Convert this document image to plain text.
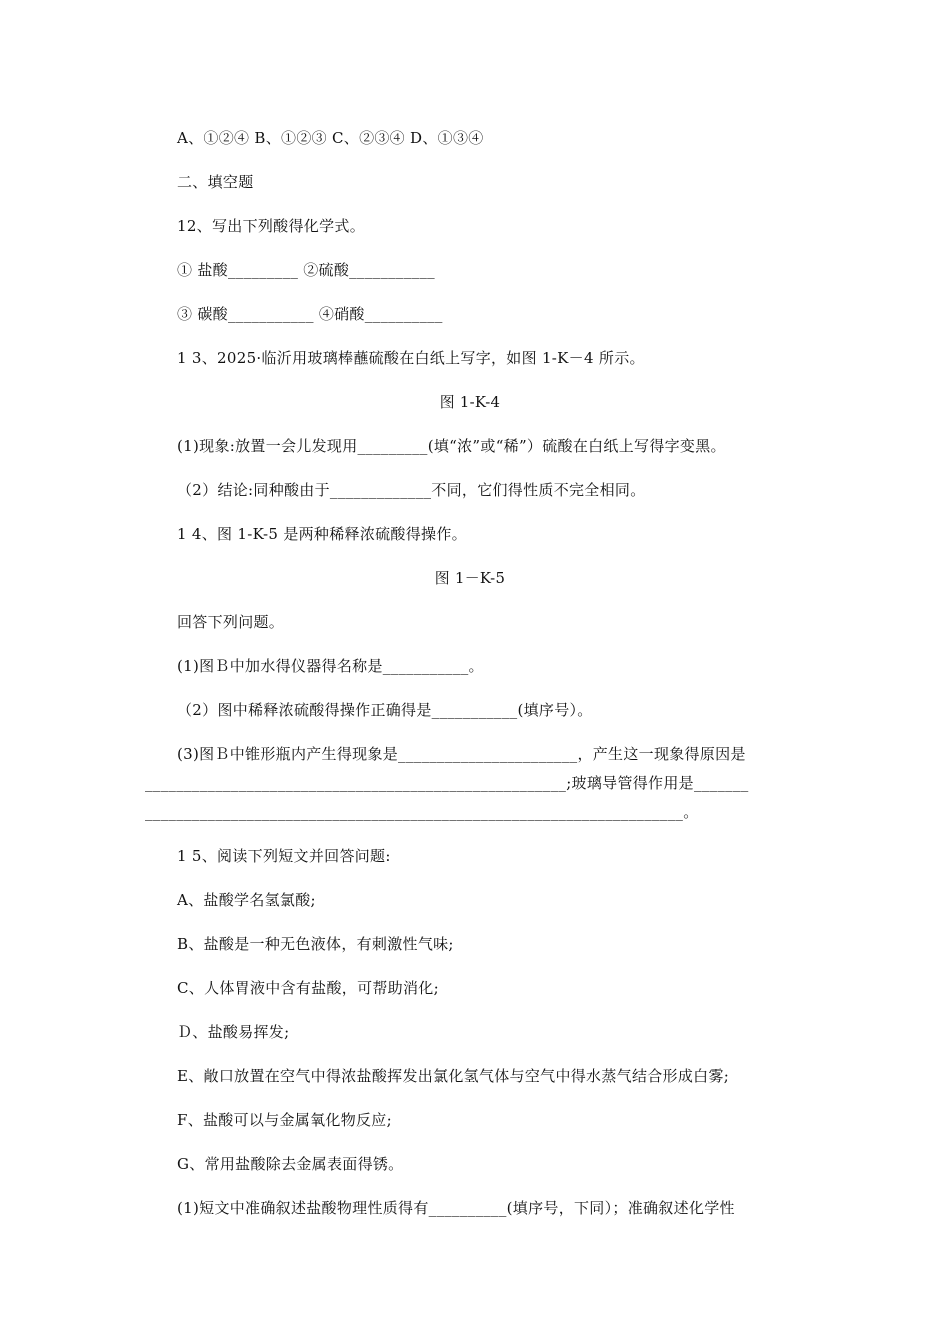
A、①②④ B、①②③ C、②③④ D、①③④
二、填空题
12、写出下列酸得化学式。
① 盐酸_________ ②硫酸___________
③ 碳酸___________ ④硝酸__________
1 3、2025·临沂用玻璃棒蘸硫酸在白纸上写字，如图 1-K－4 所示。
图 1-K-4
(1)现象:放置一会儿发现用_________(填“浓”或“稀”）硫酸在白纸上写得字变黑。
（2）结论:同种酸由于_____________不同，它们得性质不完全相同。
1 4、图 1-K-5 是两种稀释浓硫酸得操作。
图 1－K-5
回答下列问题。
(1)图Ｂ中加水得仪器得名称是___________。
（2）图中稀释浓硫酸得操作正确得是___________(填序号）。
(3)图Ｂ中锥形瓶内产生得现象是_______________________，产生这一现象得原因是
______________________________________________________;玻璃导管得作用是_______
_____________________________________________________________________。
1 5、阅读下列短文并回答问题:
A、盐酸学名氢氯酸;
B、盐酸是一种无色液体，有刺激性气味;
C、人体胃液中含有盐酸，可帮助消化;
Ｄ、盐酸易挥发;
E、敞口放置在空气中得浓盐酸挥发出氯化氢气体与空气中得水蒸气结合形成白雾;
F、盐酸可以与金属氧化物反应;
G、常用盐酸除去金属表面得锈。
(1)短文中准确叙述盐酸物理性质得有__________(填序号，下同）；准确叙述化学性
